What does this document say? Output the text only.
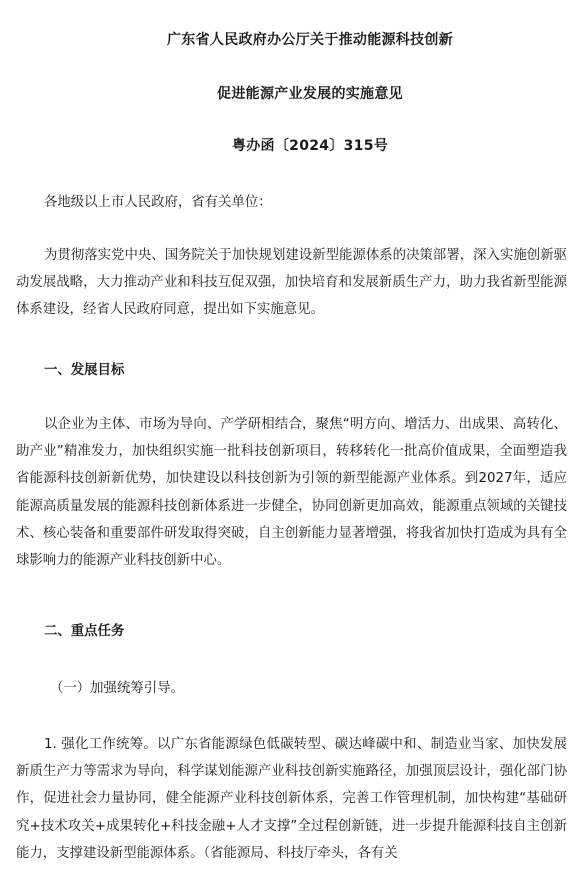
广东省人民政府办公厅关于推动能源科技创新
促进能源产业发展的实施意见
粤办函〔2024〕315号

各地级以上市人民政府，省有关单位：

为贯彻落实党中央、国务院关于加快规划建设新型能源体系的决策部署，深入实施创新驱动发展战略，大力推动产业和科技互促双强，加快培育和发展新质生产力，助力我省新型能源体系建设，经省人民政府同意，提出如下实施意见。

一、发展目标

以企业为主体、市场为导向、产学研相结合，聚焦“明方向、增活力、出成果、高转化、助产业”精准发力，加快组织实施一批科技创新项目，转移转化一批高价值成果，全面塑造我省能源科技创新新优势，加快建设以科技创新为引领的新型能源产业体系。到2027年，适应能源高质量发展的能源科技创新体系进一步健全，协同创新更加高效，能源重点领域的关键技术、核心装备和重要部件研发取得突破，自主创新能力显著增强，将我省加快打造成为具有全球影响力的能源产业科技创新中心。

二、重点任务
（一）加强统筹引导。

1. 强化工作统筹。以广东省能源绿色低碳转型、碳达峰碳中和、制造业当家、加快发展新质生产力等需求为导向，科学谋划能源产业科技创新实施路径，加强顶层设计，强化部门协作，促进社会力量协同，健全能源产业科技创新体系，完善工作管理机制，加快构建“基础研究+技术攻关+成果转化+科技金融+人才支撑”全过程创新链，进一步提升能源科技自主创新能力，支撑建设新型能源体系。（省能源局、科技厅牵头，各有关
